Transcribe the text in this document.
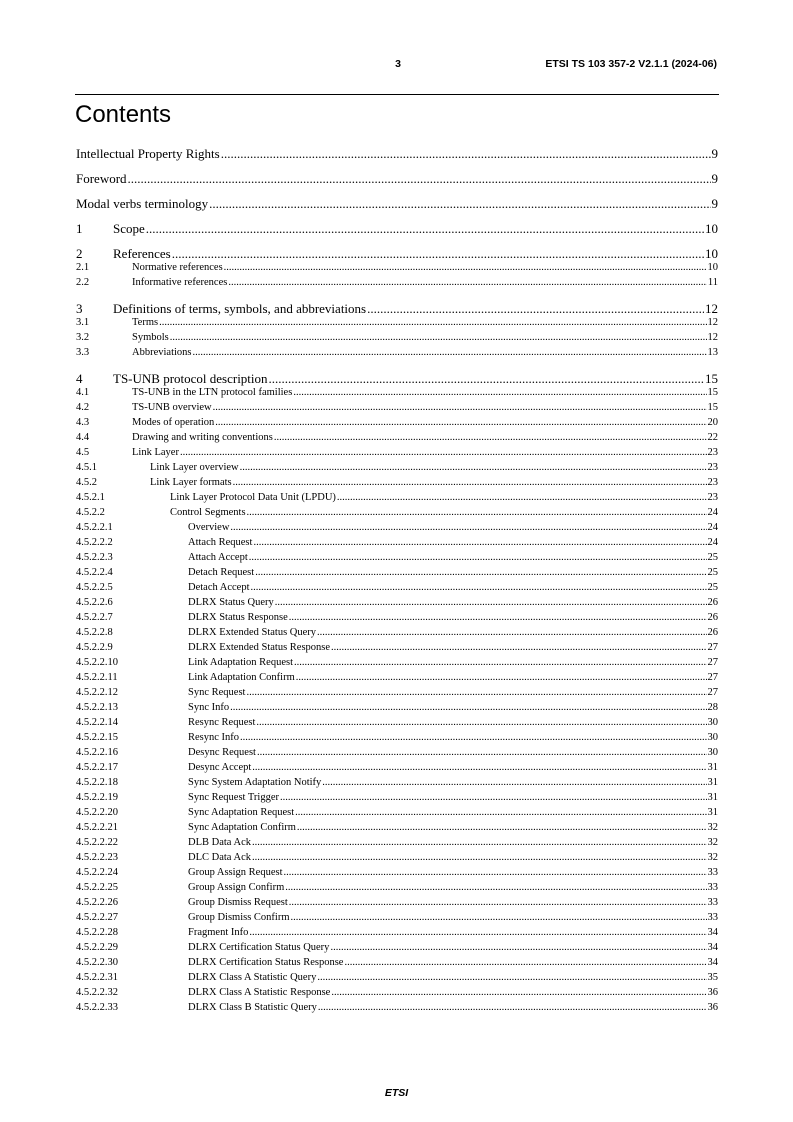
3	ETSI TS 103 357-2 V2.1.1 (2024-06)
Contents
Intellectual Property Rights .....	9
Foreword .....	9
Modal verbs terminology .....	9
1	Scope .....	10
2	References .....	10
2.1	Normative references .....	10
2.2	Informative references .....	11
3	Definitions of terms, symbols, and abbreviations .....	12
3.1	Terms .....	12
3.2	Symbols .....	12
3.3	Abbreviations .....	13
4	TS-UNB protocol description .....	15
4.1	TS-UNB in the LTN protocol families .....	15
4.2	TS-UNB overview .....	15
4.3	Modes of operation .....	20
4.4	Drawing and writing conventions .....	22
4.5	Link Layer .....	23
4.5.1	Link Layer overview .....	23
4.5.2	Link Layer formats .....	23
4.5.2.1	Link Layer Protocol Data Unit (LPDU) .....	23
4.5.2.2	Control Segments .....	24
4.5.2.2.1	Overview .....	24
4.5.2.2.2	Attach Request .....	24
4.5.2.2.3	Attach Accept .....	25
4.5.2.2.4	Detach Request .....	25
4.5.2.2.5	Detach Accept .....	25
4.5.2.2.6	DLRX Status Query .....	26
4.5.2.2.7	DLRX Status Response .....	26
4.5.2.2.8	DLRX Extended Status Query .....	26
4.5.2.2.9	DLRX Extended Status Response .....	27
4.5.2.2.10	Link Adaptation Request .....	27
4.5.2.2.11	Link Adaptation Confirm .....	27
4.5.2.2.12	Sync Request .....	27
4.5.2.2.13	Sync Info .....	28
4.5.2.2.14	Resync Request .....	30
4.5.2.2.15	Resync Info .....	30
4.5.2.2.16	Desync Request .....	30
4.5.2.2.17	Desync Accept .....	31
4.5.2.2.18	Sync System Adaptation Notify .....	31
4.5.2.2.19	Sync Request Trigger .....	31
4.5.2.2.20	Sync Adaptation Request .....	31
4.5.2.2.21	Sync Adaptation Confirm .....	32
4.5.2.2.22	DLB Data Ack .....	32
4.5.2.2.23	DLC Data Ack .....	32
4.5.2.2.24	Group Assign Request .....	33
4.5.2.2.25	Group Assign Confirm .....	33
4.5.2.2.26	Group Dismiss Request .....	33
4.5.2.2.27	Group Dismiss Confirm .....	33
4.5.2.2.28	Fragment Info .....	34
4.5.2.2.29	DLRX Certification Status Query .....	34
4.5.2.2.30	DLRX Certification Status Response .....	34
4.5.2.2.31	DLRX Class A Statistic Query .....	35
4.5.2.2.32	DLRX Class A Statistic Response .....	36
4.5.2.2.33	DLRX Class B Statistic Query .....	36
ETSI
